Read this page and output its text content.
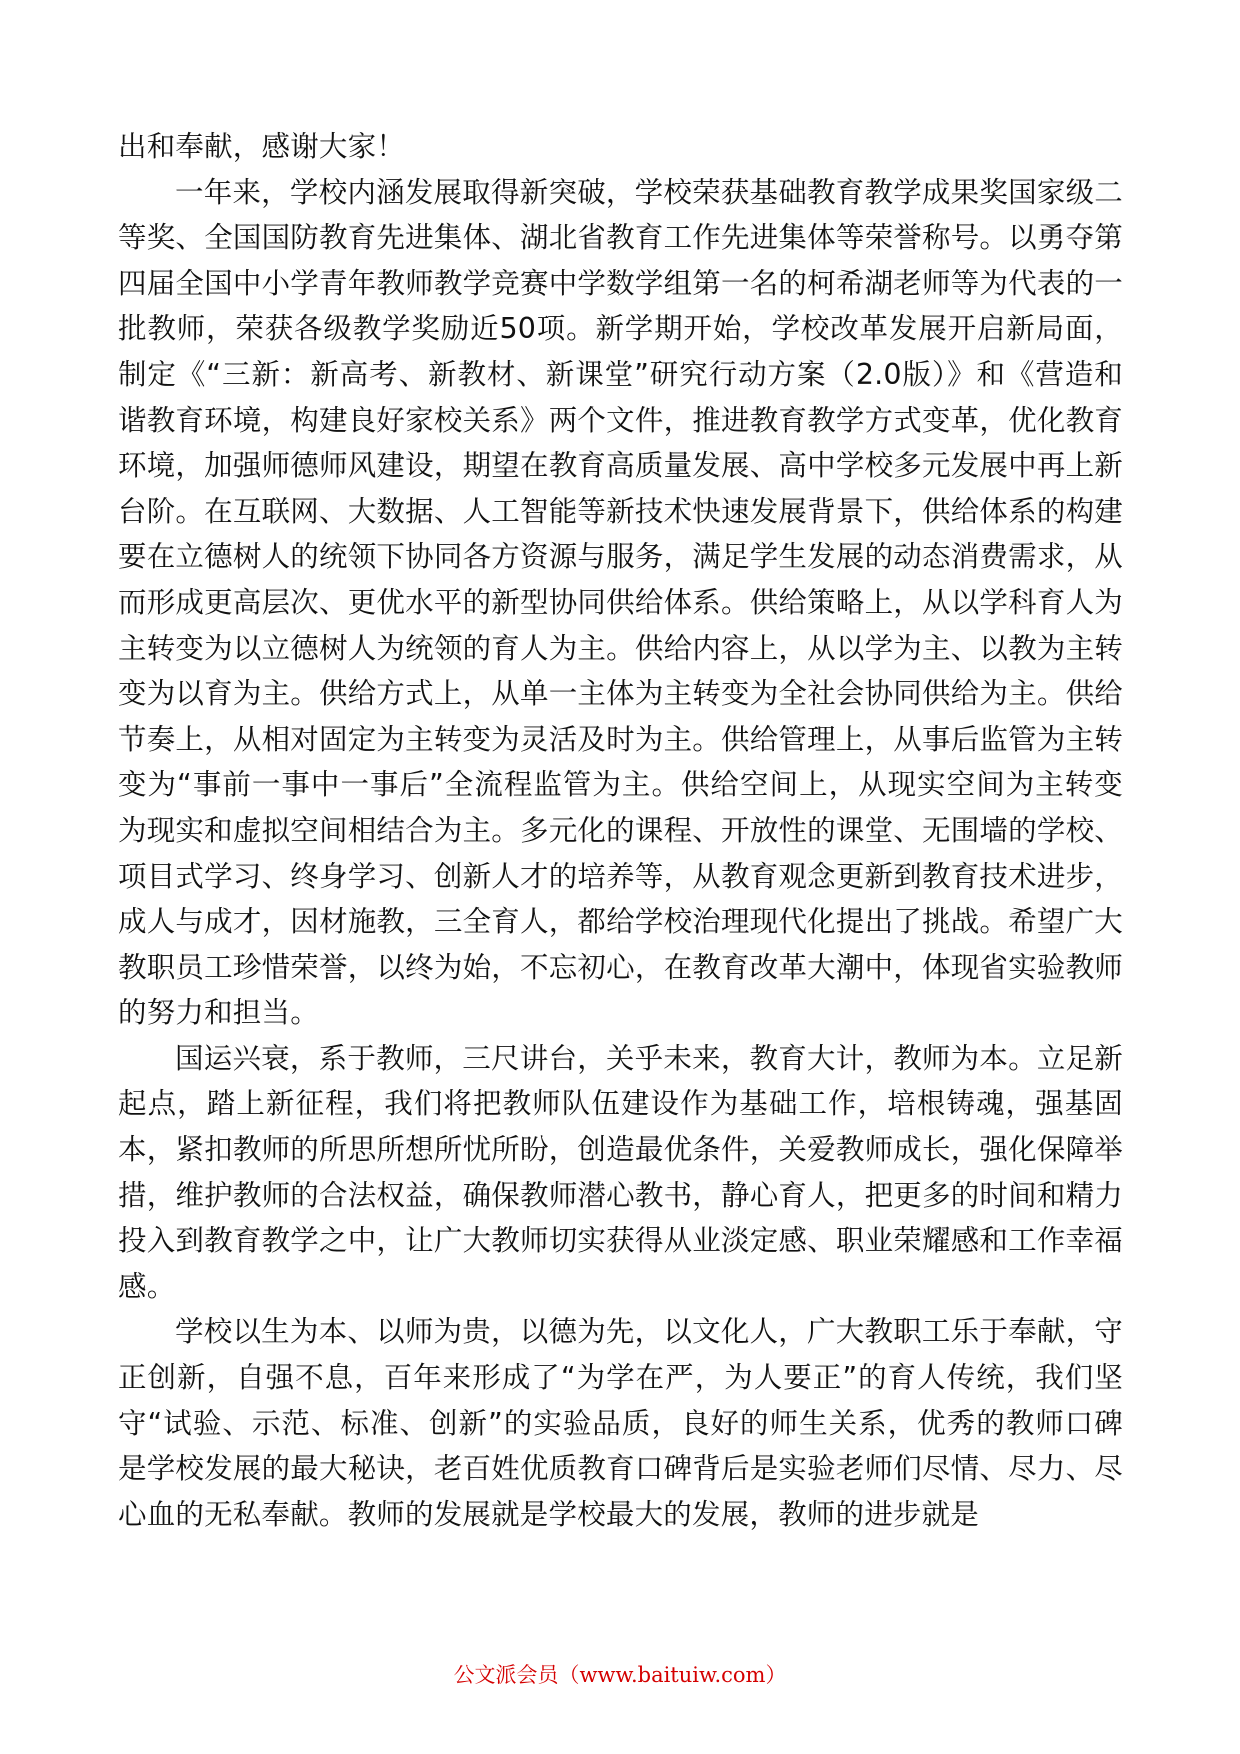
出和奉献，感谢大家！

一年来，学校内涵发展取得新突破，学校荣获基础教育教学成果奖国家级二等奖、全国国防教育先进集体、湖北省教育工作先进集体等荣誉称号。以勇夺第四届全国中小学青年教师教学竞赛中学数学组第一名的柯希湖老师等为代表的一批教师，荣获各级教学奖励近50项。新学期开始，学校改革发展开启新局面，制定《“三新：新高考、新教材、新课堂”研究行动方案（2.0版）》和《营造和谐教育环境，构建良好家校关系》两个文件，推进教育教学方式变革，优化教育环境，加强师德师风建设，期望在教育高质量发展、高中学校多元发展中再上新台阶。在互联网、大数据、人工智能等新技术快速发展背景下，供给体系的构建要在立德树人的统领下协同各方资源与服务，满足学生发展的动态消费需求，从而形成更高层次、更优水平的新型协同供给体系。供给策略上，从以学科育人为主转变为以立德树人为统领的育人为主。供给内容上，从以学为主、以教为主转变为以育为主。供给方式上，从单一主体为主转变为全社会协同供给为主。供给节奏上，从相对固定为主转变为灵活及时为主。供给管理上，从事后监管为主转变为“事前一事中一事后”全流程监管为主。供给空间上，从现实空间为主转变为现实和虚拟空间相结合为主。多元化的课程、开放性的课堂、无围墙的学校、项目式学习、终身学习、创新人才的培养等，从教育观念更新到教育技术进步，成人与成才，因材施教，三全育人，都给学校治理现代化提出了挑战。希望广大教职员工珍惜荣誉，以终为始，不忘初心，在教育改革大潮中，体现省实验教师的努力和担当。

国运兴衰，系于教师，三尺讲台，关乎未来，教育大计，教师为本。立足新起点，踏上新征程，我们将把教师队伍建设作为基础工作，培根铸魂，强基固本，紧扣教师的所思所想所忧所盼，创造最优条件，关爱教师成长，强化保障举措，维护教师的合法权益，确保教师潜心教书，静心育人，把更多的时间和精力投入到教育教学之中，让广大教师切实获得从业淡定感、职业荣耀感和工作幸福感。

学校以生为本、以师为贵，以德为先，以文化人，广大教职工乐于奉献，守正创新，自强不息，百年来形成了“为学在严，为人要正”的育人传统，我们坚守“试验、示范、标准、创新”的实验品质，良好的师生关系，优秀的教师口碑是学校发展的最大秘诀，老百姓优质教育口碑背后是实验老师们尽情、尽力、尽心血的无私奉献。教师的发展就是学校最大的发展，教师的进步就是

公文派会员（www.baituiw.com）
